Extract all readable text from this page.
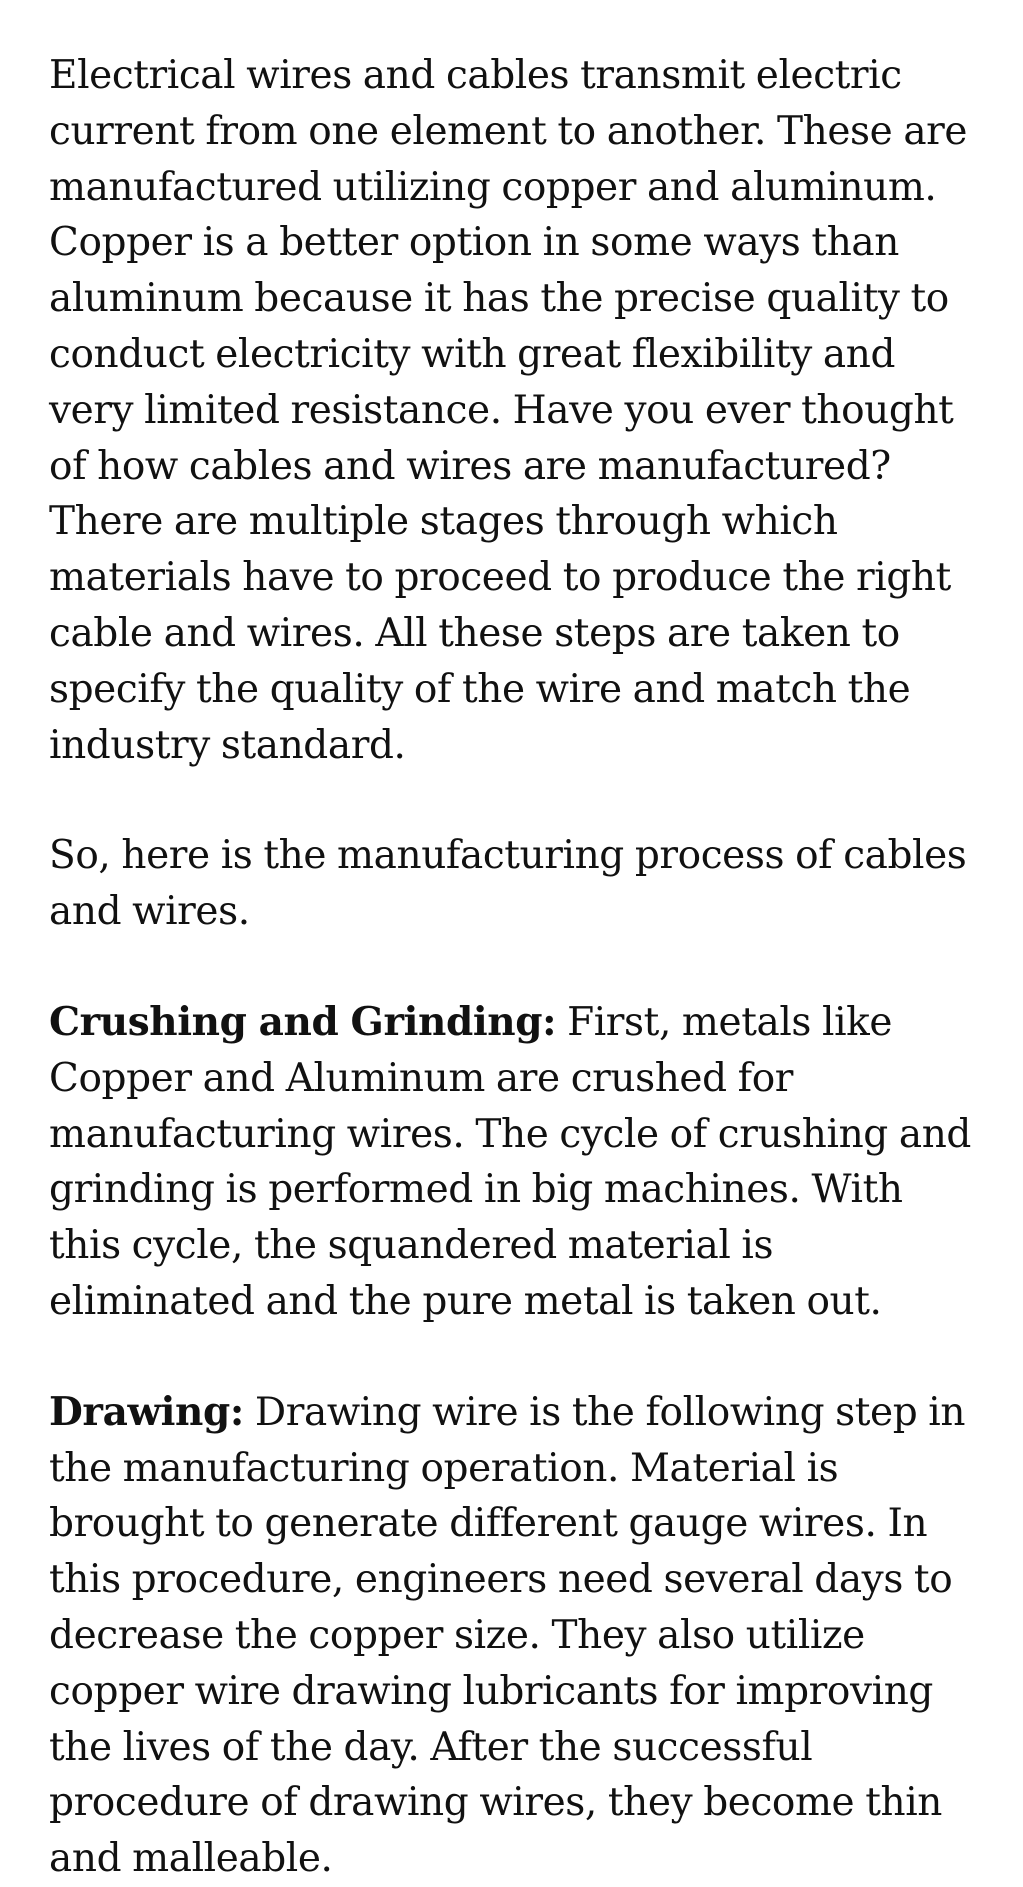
Electrical wires and cables transmit electric current from one element to another. These are manufactured utilizing copper and aluminum. Copper is a better option in some ways than aluminum because it has the precise quality to conduct electricity with great flexibility and very limited resistance. Have you ever thought of how cables and wires are manufactured? There are multiple stages through which materials have to proceed to produce the right cable and wires. All these steps are taken to specify the quality of the wire and match the industry standard.

So, here is the manufacturing process of cables and wires.

Crushing and Grinding: First, metals like Copper and Aluminum are crushed for manufacturing wires. The cycle of crushing and grinding is performed in big machines. With this cycle, the squandered material is eliminated and the pure metal is taken out.

Drawing: Drawing wire is the following step in the manufacturing operation. Material is brought to generate different gauge wires. In this procedure, engineers need several days to decrease the copper size. They also utilize copper wire drawing lubricants for improving the lives of the day. After the successful procedure of drawing wires, they become thin and malleable.
